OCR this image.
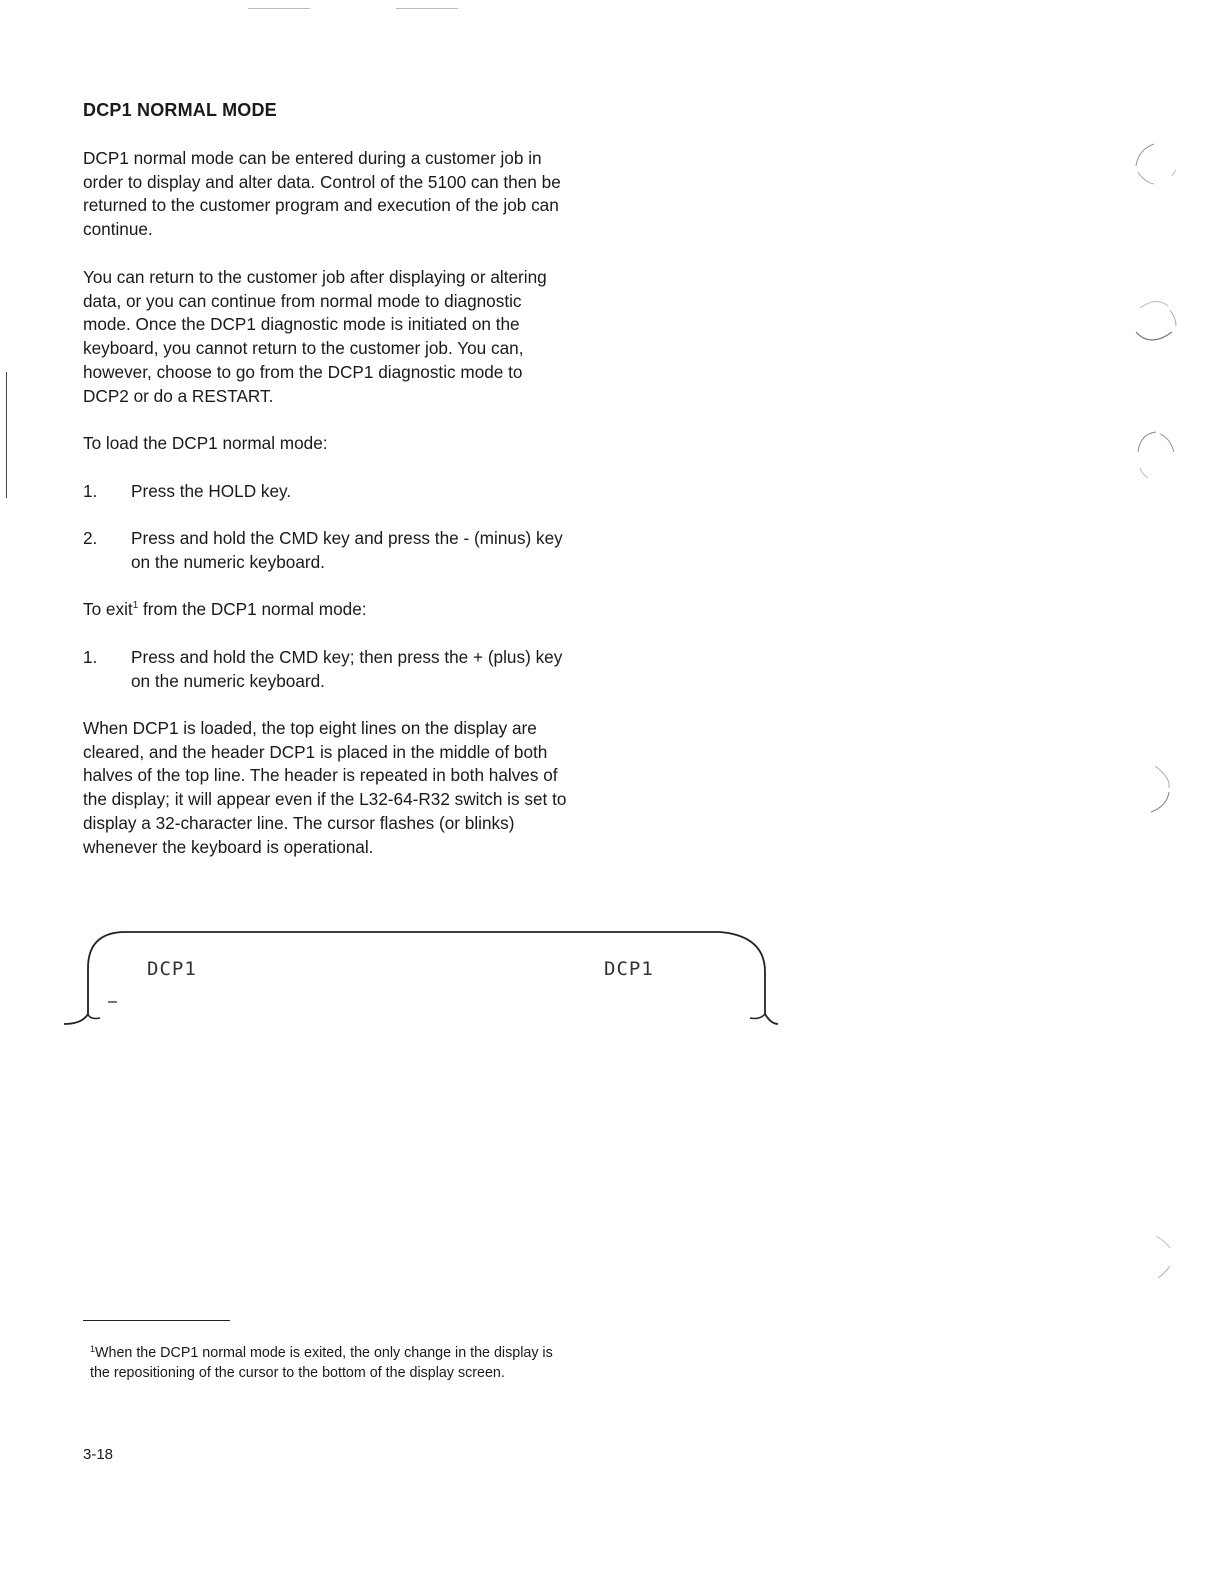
DCP1 NORMAL MODE

DCP1 normal mode can be entered during a customer job in order to display and alter data. Control of the 5100 can then be returned to the customer program and execution of the job can continue.

You can return to the customer job after displaying or altering data, or you can continue from normal mode to diagnostic mode. Once the DCP1 diagnostic mode is initiated on the keyboard, you cannot return to the customer job. You can, however, choose to go from the DCP1 diagnostic mode to DCP2 or do a RESTART.

To load the DCP1 normal mode:

1. Press the HOLD key.
2. Press and hold the CMD key and press the - (minus) key on the numeric keyboard.

To exit$^1$ from the DCP1 normal mode:

1. Press and hold the CMD key; then press the + (plus) key on the numeric keyboard.

When DCP1 is loaded, the top eight lines on the display are cleared, and the header DCP1 is placed in the middle of both halves of the top line. The header is repeated in both halves of the display; it will appear even if the L32-64-R32 switch is set to display a 32-character line. The cursor flashes (or blinks) whenever the keyboard is operational.

DCP1	DCP1
$^1$When the DCP1 normal mode is exited, the only change in the display is the repositioning of the cursor to the bottom of the display screen.
3-18
